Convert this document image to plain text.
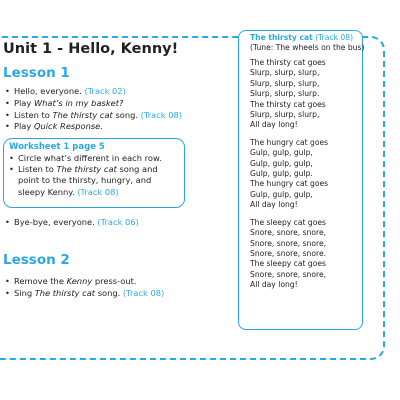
Unit 1 - Hello, Kenny!
Lesson 1
• Hello, everyone. (Track 02)
• Play What’s in my basket?
• Listen to The thirsty cat song. (Track 08)
• Play Quick Response.
Worksheet 1 page 5
• Circle what’s different in each row.
• Listen to The thirsty cat song and point to the thirsty, hungry, and sleepy Kenny. (Track 08)
• Bye-bye, everyone. (Track 06)
Lesson 2
• Remove the Kenny press-out.
• Sing The thirsty cat song. (Track 08)
The thirsty cat (Track 08)
(Tune: The wheels on the bus)
The thirsty cat goes
Slurp, slurp, slurp,
Slurp, slurp, slurp,
Slurp, slurp, slurp.
The thirsty cat goes
Slurp, slurp, slurp,
All day long!
The hungry cat goes
Gulp, gulp, gulp,
Gulp, gulp, gulp,
Gulp, gulp, gulp.
The hungry cat goes
Gulp, gulp, gulp,
All day long!
The sleepy cat goes
Snore, snore, snore,
Snore, snore, snore,
Snore, snore, snore.
The sleepy cat goes
Snore, snore, snore,
All day long!
